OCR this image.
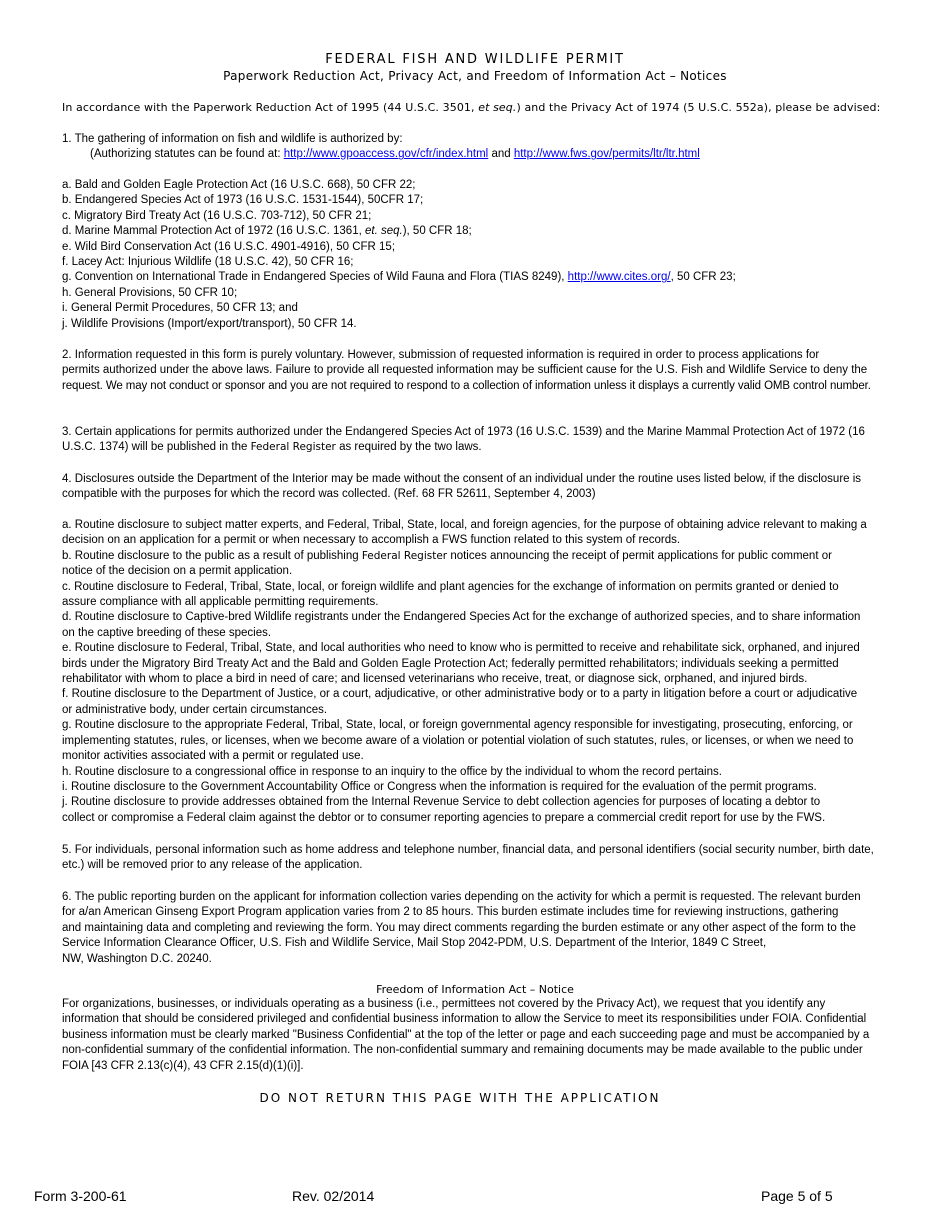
FEDERAL FISH AND WILDLIFE PERMIT
Paperwork Reduction Act, Privacy Act, and Freedom of Information Act – Notices
In accordance with the Paperwork Reduction Act of 1995 (44 U.S.C. 3501, et seq.) and the Privacy Act of 1974 (5 U.S.C. 552a), please be advised:

1. The gathering of information on fish and wildlife is authorized by:

(Authorizing statutes can be found at: http://www.gpoaccess.gov/cfr/index.html and http://www.fws.gov/permits/ltr/ltr.html

a. Bald and Golden Eagle Protection Act (16 U.S.C. 668), 50 CFR 22;

b. Endangered Species Act of 1973 (16 U.S.C. 1531-1544), 50CFR 17;

c. Migratory Bird Treaty Act (16 U.S.C. 703-712), 50 CFR 21;

d. Marine Mammal Protection Act of 1972 (16 U.S.C. 1361, et. seq.), 50 CFR 18;

e. Wild Bird Conservation Act (16 U.S.C. 4901-4916), 50 CFR 15;

f. Lacey Act: Injurious Wildlife (18 U.S.C. 42), 50 CFR 16;

g. Convention on International Trade in Endangered Species of Wild Fauna and Flora (TIAS 8249), http://www.cites.org/, 50 CFR 23;

h. General Provisions, 50 CFR 10;

i. General Permit Procedures, 50 CFR 13; and

j. Wildlife Provisions (Import/export/transport), 50 CFR 14.

2. Information requested in this form is purely voluntary. However, submission of requested information is required in order to process applications for

permits authorized under the above laws. Failure to provide all requested information may be sufficient cause for the U.S. Fish and Wildlife Service to deny the

request. We may not conduct or sponsor and you are not required to respond to a collection of information unless it displays a currently valid OMB control number.

3. Certain applications for permits authorized under the Endangered Species Act of 1973 (16 U.S.C. 1539) and the Marine Mammal Protection Act of 1972 (16

U.S.C. 1374) will be published in the Federal Register as required by the two laws.

4. Disclosures outside the Department of the Interior may be made without the consent of an individual under the routine uses listed below, if the disclosure is

compatible with the purposes for which the record was collected. (Ref. 68 FR 52611, September 4, 2003)

a. Routine disclosure to subject matter experts, and Federal, Tribal, State, local, and foreign agencies, for the purpose of obtaining advice relevant to making a

decision on an application for a permit or when necessary to accomplish a FWS function related to this system of records.

b. Routine disclosure to the public as a result of publishing Federal Register notices announcing the receipt of permit applications for public comment or

notice of the decision on a permit application.

c. Routine disclosure to Federal, Tribal, State, local, or foreign wildlife and plant agencies for the exchange of information on permits granted or denied to

assure compliance with all applicable permitting requirements.

d. Routine disclosure to Captive-bred Wildlife registrants under the Endangered Species Act for the exchange of authorized species, and to share information

on the captive breeding of these species.

e. Routine disclosure to Federal, Tribal, State, and local authorities who need to know who is permitted to receive and rehabilitate sick, orphaned, and injured

birds under the Migratory Bird Treaty Act and the Bald and Golden Eagle Protection Act; federally permitted rehabilitators; individuals seeking a permitted

rehabilitator with whom to place a bird in need of care; and licensed veterinarians who receive, treat, or diagnose sick, orphaned, and injured birds.

f. Routine disclosure to the Department of Justice, or a court, adjudicative, or other administrative body or to a party in litigation before a court or adjudicative

or administrative body, under certain circumstances.

g. Routine disclosure to the appropriate Federal, Tribal, State, local, or foreign governmental agency responsible for investigating, prosecuting, enforcing, or

implementing statutes, rules, or licenses, when we become aware of a violation or potential violation of such statutes, rules, or licenses, or when we need to

monitor activities associated with a permit or regulated use.

h. Routine disclosure to a congressional office in response to an inquiry to the office by the individual to whom the record pertains.

i. Routine disclosure to the Government Accountability Office or Congress when the information is required for the evaluation of the permit programs.

j. Routine disclosure to provide addresses obtained from the Internal Revenue Service to debt collection agencies for purposes of locating a debtor to

collect or compromise a Federal claim against the debtor or to consumer reporting agencies to prepare a commercial credit report for use by the FWS.

5. For individuals, personal information such as home address and telephone number, financial data, and personal identifiers (social security number, birth date,

etc.) will be removed prior to any release of the application.

6. The public reporting burden on the applicant for information collection varies depending on the activity for which a permit is requested. The relevant burden

for a/an American Ginseng Export Program application varies from 2 to 85 hours. This burden estimate includes time for reviewing instructions, gathering

and maintaining data and completing and reviewing the form. You may direct comments regarding the burden estimate or any other aspect of the form to the

Service Information Clearance Officer, U.S. Fish and Wildlife Service, Mail Stop 2042-PDM, U.S. Department of the Interior, 1849 C Street,

NW, Washington D.C. 20240.

Freedom of Information Act – Notice

For organizations, businesses, or individuals operating as a business (i.e., permittees not covered by the Privacy Act), we request that you identify any

information that should be considered privileged and confidential business information to allow the Service to meet its responsibilities under FOIA. Confidential

business information must be clearly marked "Business Confidential" at the top of the letter or page and each succeeding page and must be accompanied by a

non-confidential summary of the confidential information. The non-confidential summary and remaining documents may be made available to the public under

FOIA [43 CFR 2.13(c)(4), 43 CFR 2.15(d)(1)(i)].

DO NOT RETURN THIS PAGE WITH THE APPLICATION
Form 3-200-61	Rev. 02/2014	Page 5 of 5
